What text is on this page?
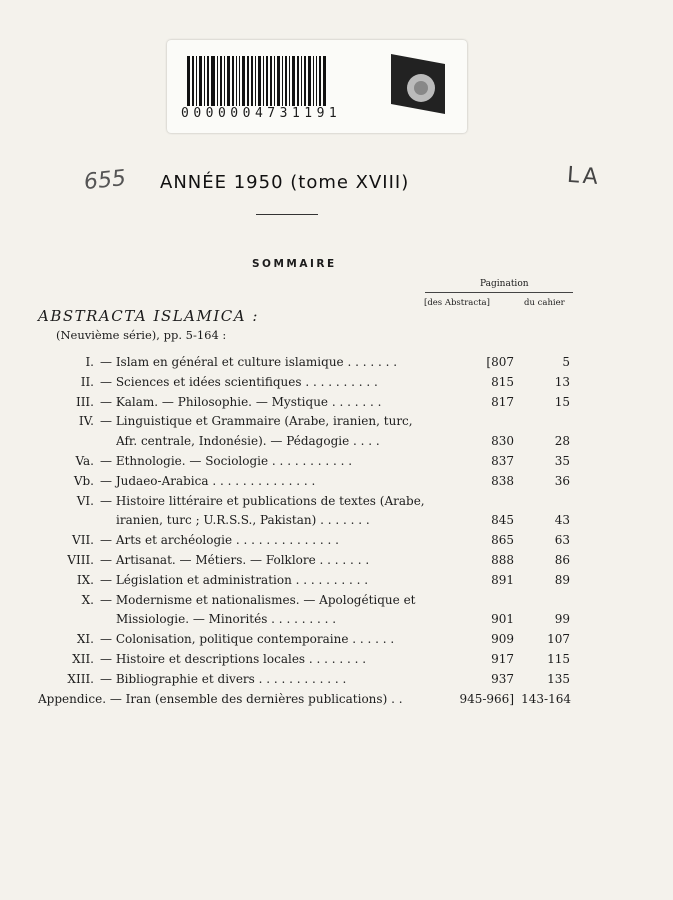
0000004731191
655	LA
ANNÉE 1950 (tome XVIII)
SOMMAIRE
Pagination
[des Abstracta]	du cahier
ABSTRACTA ISLAMICA :
(Neuvième série), pp. 5-164 :
I. — Islam en général et culture islamique . . . . . . .	[807	5
II. — Sciences et idées scientifiques . . . . . . . . . .	815	13
III. — Kalam. — Philosophie. — Mystique . . . . . . .	817	15
IV. — Linguistique et Grammaire (Arabe, iranien, turc,
Afr. centrale, Indonésie). — Pédagogie . . . .	830	28
Va. — Ethnologie. — Sociologie . . . . . . . . . . .	837	35
Vb. — Judaeo-Arabica . . . . . . . . . . . . . .	838	36
VI. — Histoire littéraire et publications de textes (Arabe,
iranien, turc ; U.R.S.S., Pakistan) . . . . . . .	845	43
VII. — Arts et archéologie . . . . . . . . . . . . . .	865	63
VIII. — Artisanat. — Métiers. — Folklore . . . . . . .	888	86
IX. — Législation et administration . . . . . . . . . .	891	89
X. — Modernisme et nationalismes. — Apologétique et
Missiologie. — Minorités . . . . . . . . .	901	99
XI. — Colonisation, politique contemporaine . . . . . .	909	107
XII. — Histoire et descriptions locales . . . . . . . .	917	115
XIII. — Bibliographie et divers . . . . . . . . . . . .	937	135
Appendice. — Iran (ensemble des dernières publications) . .	945-966] 143-164
